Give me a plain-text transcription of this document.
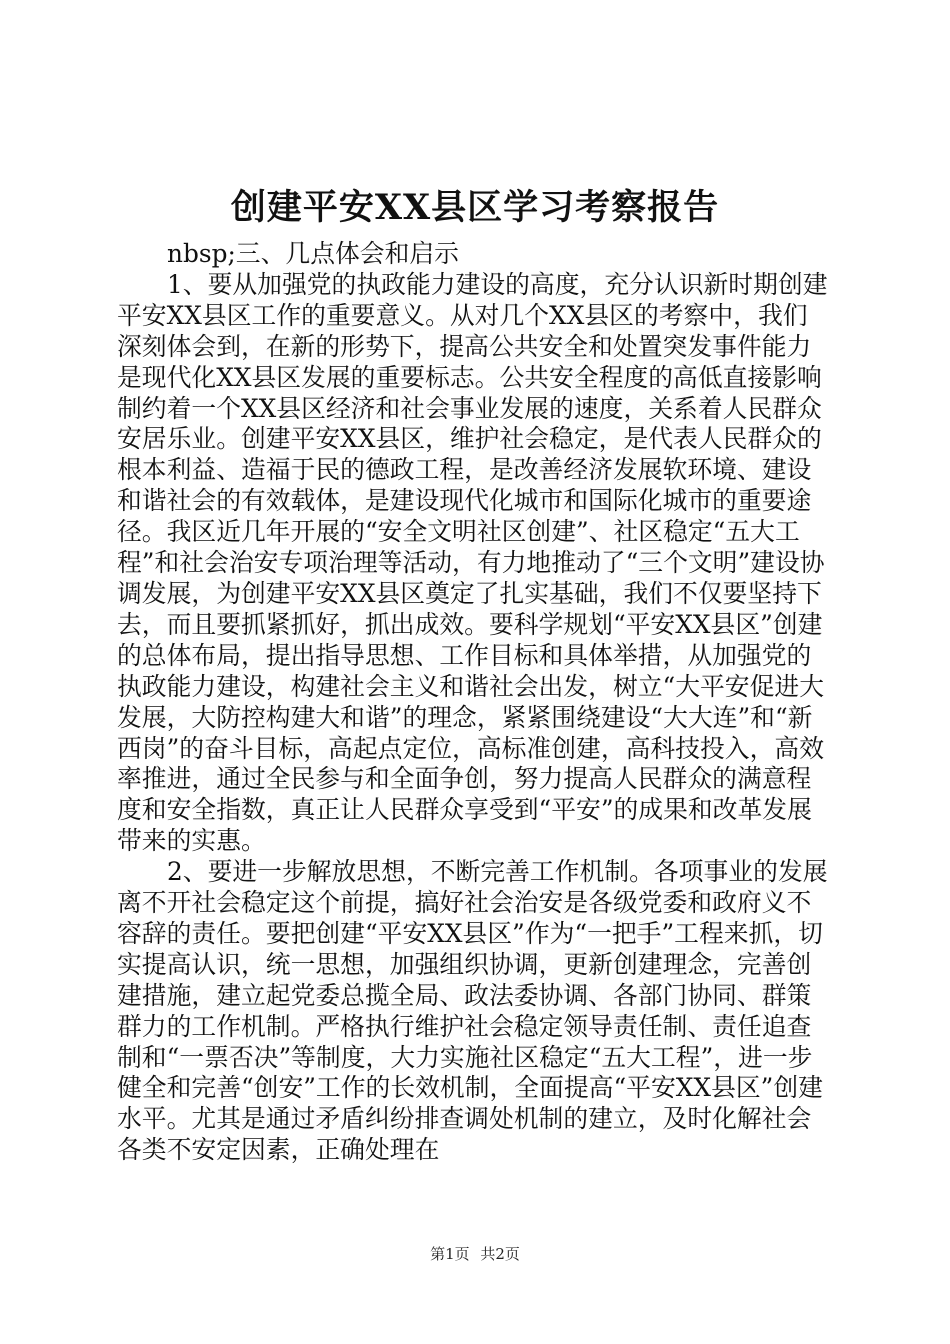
创建平安XX县区学习考察报告

nbsp;三、几点体会和启示

1、要从加强党的执政能力建设的高度，充分认识新时期创建平安XX县区工作的重要意义。从对几个XX县区的考察中，我们深刻体会到，在新的形势下，提高公共安全和处置突发事件能力是现代化XX县区发展的重要标志。公共安全程度的高低直接影响制约着一个XX县区经济和社会事业发展的速度，关系着人民群众安居乐业。创建平安XX县区，维护社会稳定，是代表人民群众的根本利益、造福于民的德政工程，是改善经济发展软环境、建设和谐社会的有效载体，是建设现代化城市和国际化城市的重要途径。我区近几年开展的“安全文明社区创建”、社区稳定“五大工程”和社会治安专项治理等活动，有力地推动了“三个文明”建设协调发展，为创建平安XX县区奠定了扎实基础，我们不仅要坚持下去，而且要抓紧抓好，抓出成效。要科学规划“平安XX县区”创建的总体布局，提出指导思想、工作目标和具体举措，从加强党的执政能力建设，构建社会主义和谐社会出发，树立“大平安促进大发展，大防控构建大和谐”的理念，紧紧围绕建设“大大连”和“新西岗”的奋斗目标，高起点定位，高标准创建，高科技投入，高效率推进，通过全民参与和全面争创，努力提高人民群众的满意程度和安全指数，真正让人民群众享受到“平安”的成果和改革发展带来的实惠。

2、要进一步解放思想，不断完善工作机制。各项事业的发展离不开社会稳定这个前提，搞好社会治安是各级党委和政府义不容辞的责任。要把创建“平安XX县区”作为“一把手”工程来抓，切实提高认识，统一思想，加强组织协调，更新创建理念，完善创建措施，建立起党委总揽全局、政法委协调、各部门协同、群策群力的工作机制。严格执行维护社会稳定领导责任制、责任追查制和“一票否决”等制度，大力实施社区稳定“五大工程”，进一步健全和完善“创安”工作的长效机制，全面提高“平安XX县区”创建水平。尤其是通过矛盾纠纷排查调处机制的建立，及时化解社会各类不安定因素，正确处理在

第1页 共2页
